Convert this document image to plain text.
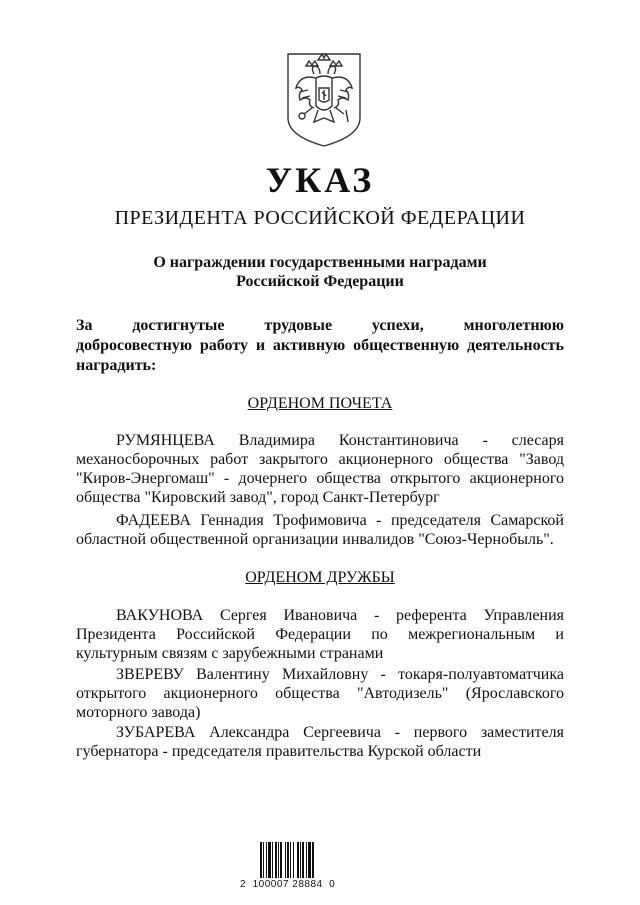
УКАЗ
ПРЕЗИДЕНТА РОССИЙСКОЙ ФЕДЕРАЦИИ
О награждении государственными наградами
Российской Федерации
За достигнутые трудовые успехи, многолетнюю
добросовестную работу и активную общественную деятельность
наградить:
ОРДЕНОМ ПОЧЕТА
РУМЯНЦЕВА Владимира Константиновича - слесаря
механосборочных работ закрытого акционерного общества "Завод
"Киров-Энергомаш" - дочернего общества открытого акционерного
общества "Кировский завод", город Санкт-Петербург
ФАДЕЕВА Геннадия Трофимовича - председателя Самарской
областной общественной организации инвалидов "Союз-Чернобыль".
ОРДЕНОМ ДРУЖБЫ
ВАКУНОВА Сергея Ивановича - референта Управления
Президента Российской Федерации по межрегиональным и
культурным связям с зарубежными странами
ЗВЕРЕВУ Валентину Михайловну - токаря-полуавтоматчика
открытого акционерного общества "Автодизель" (Ярославского
моторного завода)
ЗУБАРЕВА Александра Сергеевича - первого заместителя
губернатора - председателя правительства Курской области
2  100007 28884  0
